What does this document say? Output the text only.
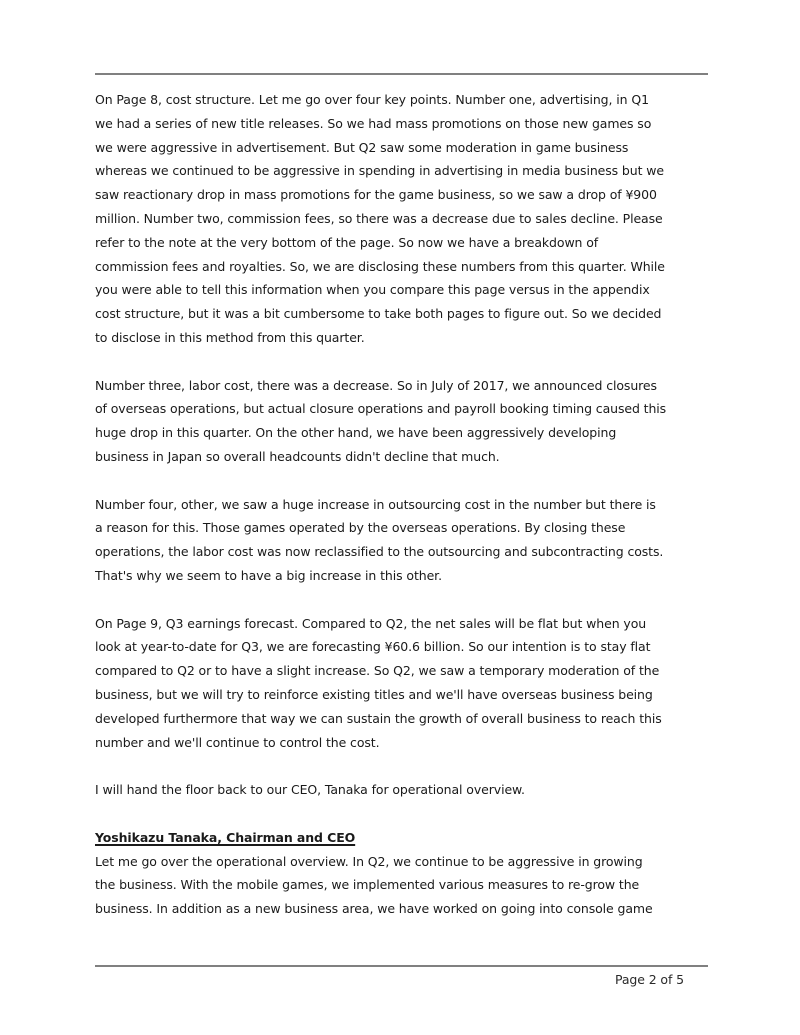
On Page 8, cost structure. Let me go over four key points. Number one, advertising, in Q1
we had a series of new title releases. So we had mass promotions on those new games so
we were aggressive in advertisement. But Q2 saw some moderation in game business
whereas we continued to be aggressive in spending in advertising in media business but we
saw reactionary drop in mass promotions for the game business, so we saw a drop of ¥900
million. Number two, commission fees, so there was a decrease due to sales decline. Please
refer to the note at the very bottom of the page. So now we have a breakdown of
commission fees and royalties. So, we are disclosing these numbers from this quarter. While
you were able to tell this information when you compare this page versus in the appendix
cost structure, but it was a bit cumbersome to take both pages to figure out. So we decided
to disclose in this method from this quarter.
Number three, labor cost, there was a decrease. So in July of 2017, we announced closures
of overseas operations, but actual closure operations and payroll booking timing caused this
huge drop in this quarter. On the other hand, we have been aggressively developing
business in Japan so overall headcounts didn't decline that much.
Number four, other, we saw a huge increase in outsourcing cost in the number but there is
a reason for this. Those games operated by the overseas operations. By closing these
operations, the labor cost was now reclassified to the outsourcing and subcontracting costs.
That's why we seem to have a big increase in this other.
On Page 9, Q3 earnings forecast. Compared to Q2, the net sales will be flat but when you
look at year-to-date for Q3, we are forecasting ¥60.6 billion. So our intention is to stay flat
compared to Q2 or to have a slight increase. So Q2, we saw a temporary moderation of the
business, but we will try to reinforce existing titles and we'll have overseas business being
developed furthermore that way we can sustain the growth of overall business to reach this
number and we'll continue to control the cost.
I will hand the floor back to our CEO, Tanaka for operational overview.
Yoshikazu Tanaka, Chairman and CEO
Let me go over the operational overview. In Q2, we continue to be aggressive in growing
the business. With the mobile games, we implemented various measures to re-grow the
business. In addition as a new business area, we have worked on going into console game
Page 2 of 5
